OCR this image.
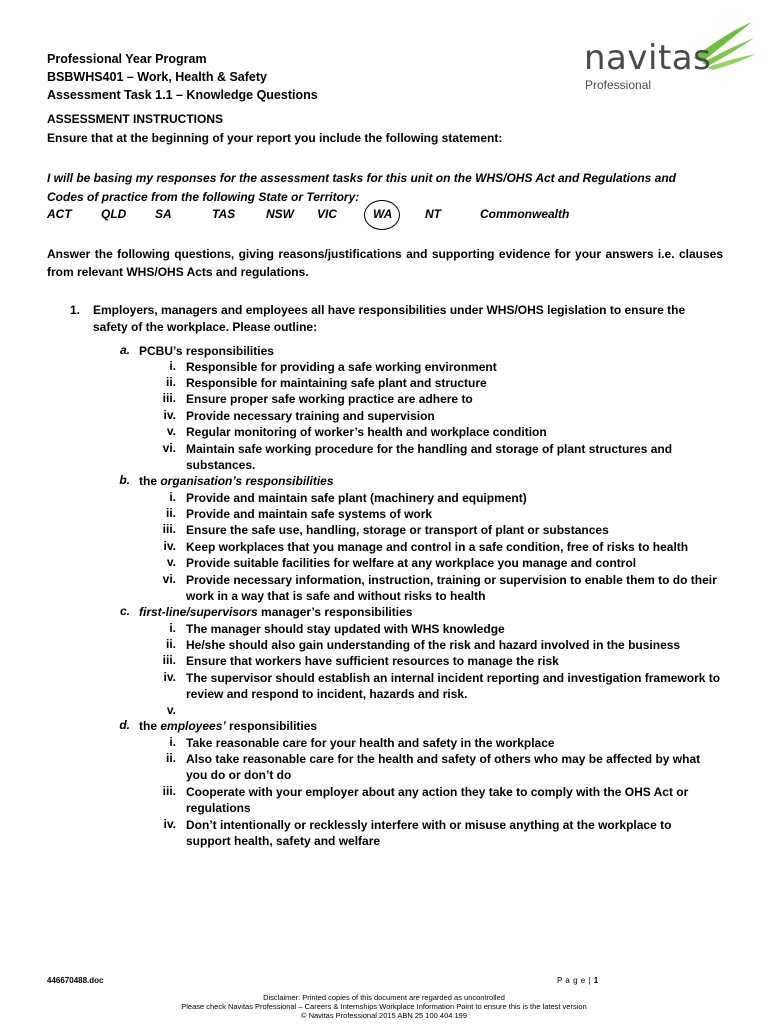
navitas
Professional
Professional Year Program
BSBWHS401 – Work, Health & Safety
Assessment Task 1.1 – Knowledge Questions
ASSESSMENT INSTRUCTIONS
Ensure that at the beginning of your report you include the following statement:
I will be basing my responses for the assessment tasks for this unit on the WHS/OHS Act and Regulations and
Codes of practice from the following State or Territory:
ACT QLD SA	TAS	NSW VIC	WA	NT	Commonwealth
Answer the following questions, giving reasons/justifications and supporting evidence for your answers i.e. clauses
from relevant WHS/OHS Acts and regulations.
1. Employers, managers and employees all have responsibilities under WHS/OHS legislation to ensure the
safety of the workplace. Please outline:
a. PCBU’s responsibilities
i. Responsible for providing a safe working environment
ii. Responsible for maintaining safe plant and structure
iii. Ensure proper safe working practice are adhere to
iv. Provide necessary training and supervision
v. Regular monitoring of worker’s health and workplace condition
vi. Maintain safe working procedure for the handling and storage of plant structures and
substances.
b. the organisation’s responsibilities
i. Provide and maintain safe plant (machinery and equipment)
ii. Provide and maintain safe systems of work
iii. Ensure the safe use, handling, storage or transport of plant or substances
iv. Keep workplaces that you manage and control in a safe condition, free of risks to health
v. Provide suitable facilities for welfare at any workplace you manage and control
vi. Provide necessary information, instruction, training or supervision to enable them to do their
work in a way that is safe and without risks to health
c. first-line/supervisors manager’s responsibilities
i. The manager should stay updated with WHS knowledge
ii. He/she should also gain understanding of the risk and hazard involved in the business
iii. Ensure that workers have sufficient resources to manage the risk
iv. The supervisor should establish an internal incident reporting and investigation framework to
review and respond to incident, hazards and risk.
v.
d. the employees’ responsibilities
i. Take reasonable care for your health and safety in the workplace
ii. Also take reasonable care for the health and safety of others who may be affected by what
you do or don’t do
iii. Cooperate with your employer about any action they take to comply with the OHS Act or
regulations
iv. Don’t intentionally or recklessly interfere with or misuse anything at the workplace to
support health, safety and welfare
446670488.doc	P a g e | 1
Disclaimer: Printed copies of this document are regarded as uncontrolled
Please check Navitas Professional – Careers & Internships Workplace Information Point to ensure this is the latest version
© Navitas Professional 2015 ABN 25 100 404 199
